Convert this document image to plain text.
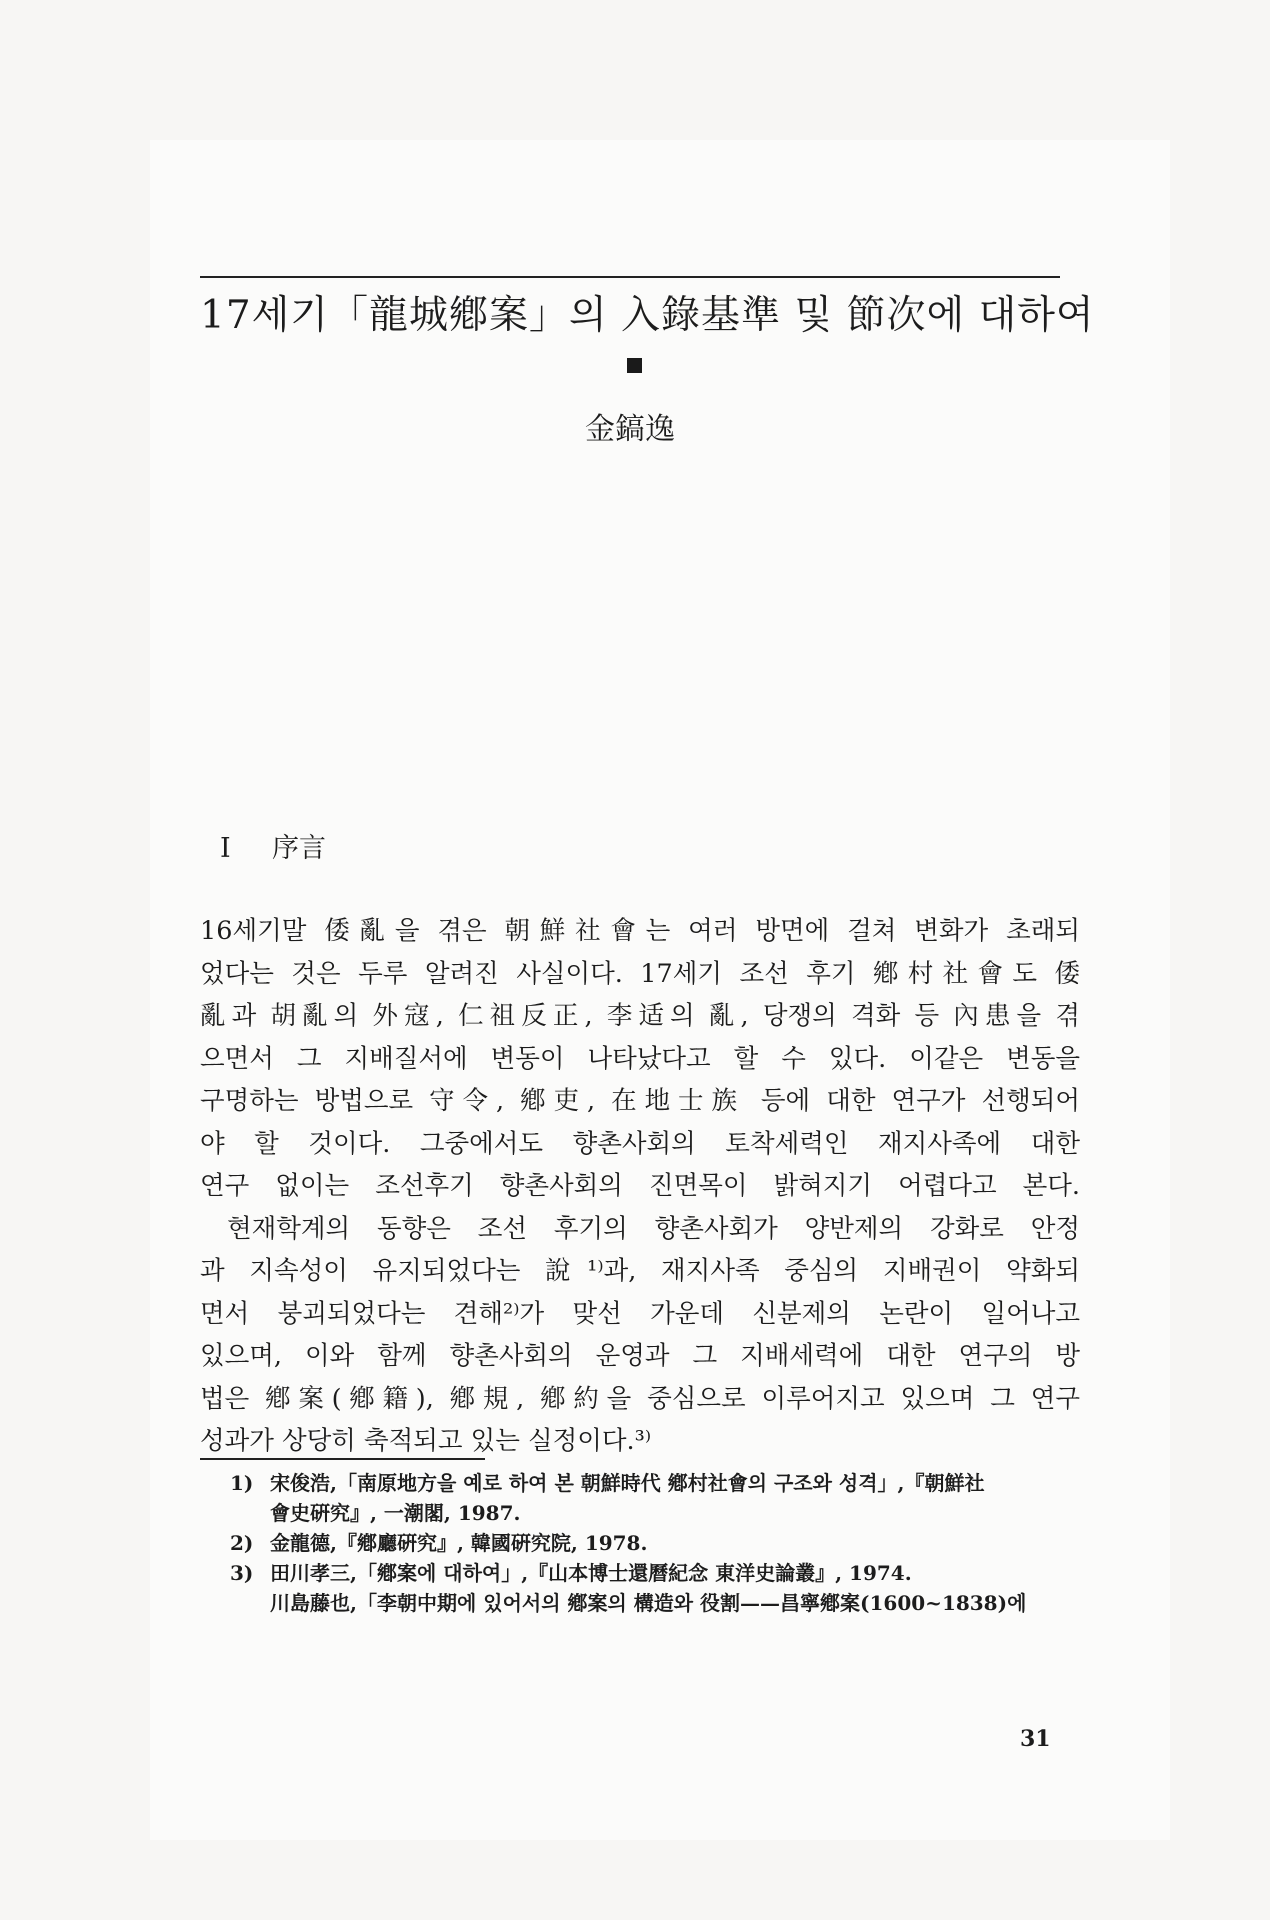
17세기「龍城鄕案」의 入錄基準 및 節次에 대하여
金鎬逸
I 序言
16세기말 倭亂을 겪은 朝鮮社會는 여러 방면에 걸쳐 변화가 초래되
었다는 것은 두루 알려진 사실이다. 17세기 조선 후기 鄕村社會도 倭
亂과 胡亂의 外寇, 仁祖反正, 李适의 亂, 당쟁의 격화 등 內患을 겪
으면서 그 지배질서에 변동이 나타났다고 할 수 있다. 이같은 변동을
구명하는 방법으로 守令, 鄕吏, 在地士族 등에 대한 연구가 선행되어
야 할 것이다. 그중에서도 향촌사회의 토착세력인 재지사족에 대한
연구 없이는 조선후기 향촌사회의 진면목이 밝혀지기 어렵다고 본다.
현재학계의 동향은 조선 후기의 향촌사회가 양반제의 강화로 안정
과 지속성이 유지되었다는 說¹⁾과, 재지사족 중심의 지배권이 약화되
면서 붕괴되었다는 견해²⁾가 맞선 가운데 신분제의 논란이 일어나고
있으며, 이와 함께 향촌사회의 운영과 그 지배세력에 대한 연구의 방
법은 鄕案(鄕籍), 鄕規, 鄕約을 중심으로 이루어지고 있으며 그 연구
성과가 상당히 축적되고 있는 실정이다.³⁾
1) 宋俊浩,「南原地方을 예로 하여 본 朝鮮時代 鄕村社會의 구조와 성격」,『朝鮮社
會史硏究』, 一潮閣, 1987.
2) 金龍德,『鄕廳硏究』, 韓國硏究院, 1978.
3) 田川孝三,「鄕案에 대하여」,『山本博士還曆紀念 東洋史論叢』, 1974.
川島藤也,「李朝中期에 있어서의 鄕案의 構造와 役割——昌寧鄕案(1600~1838)에
31
